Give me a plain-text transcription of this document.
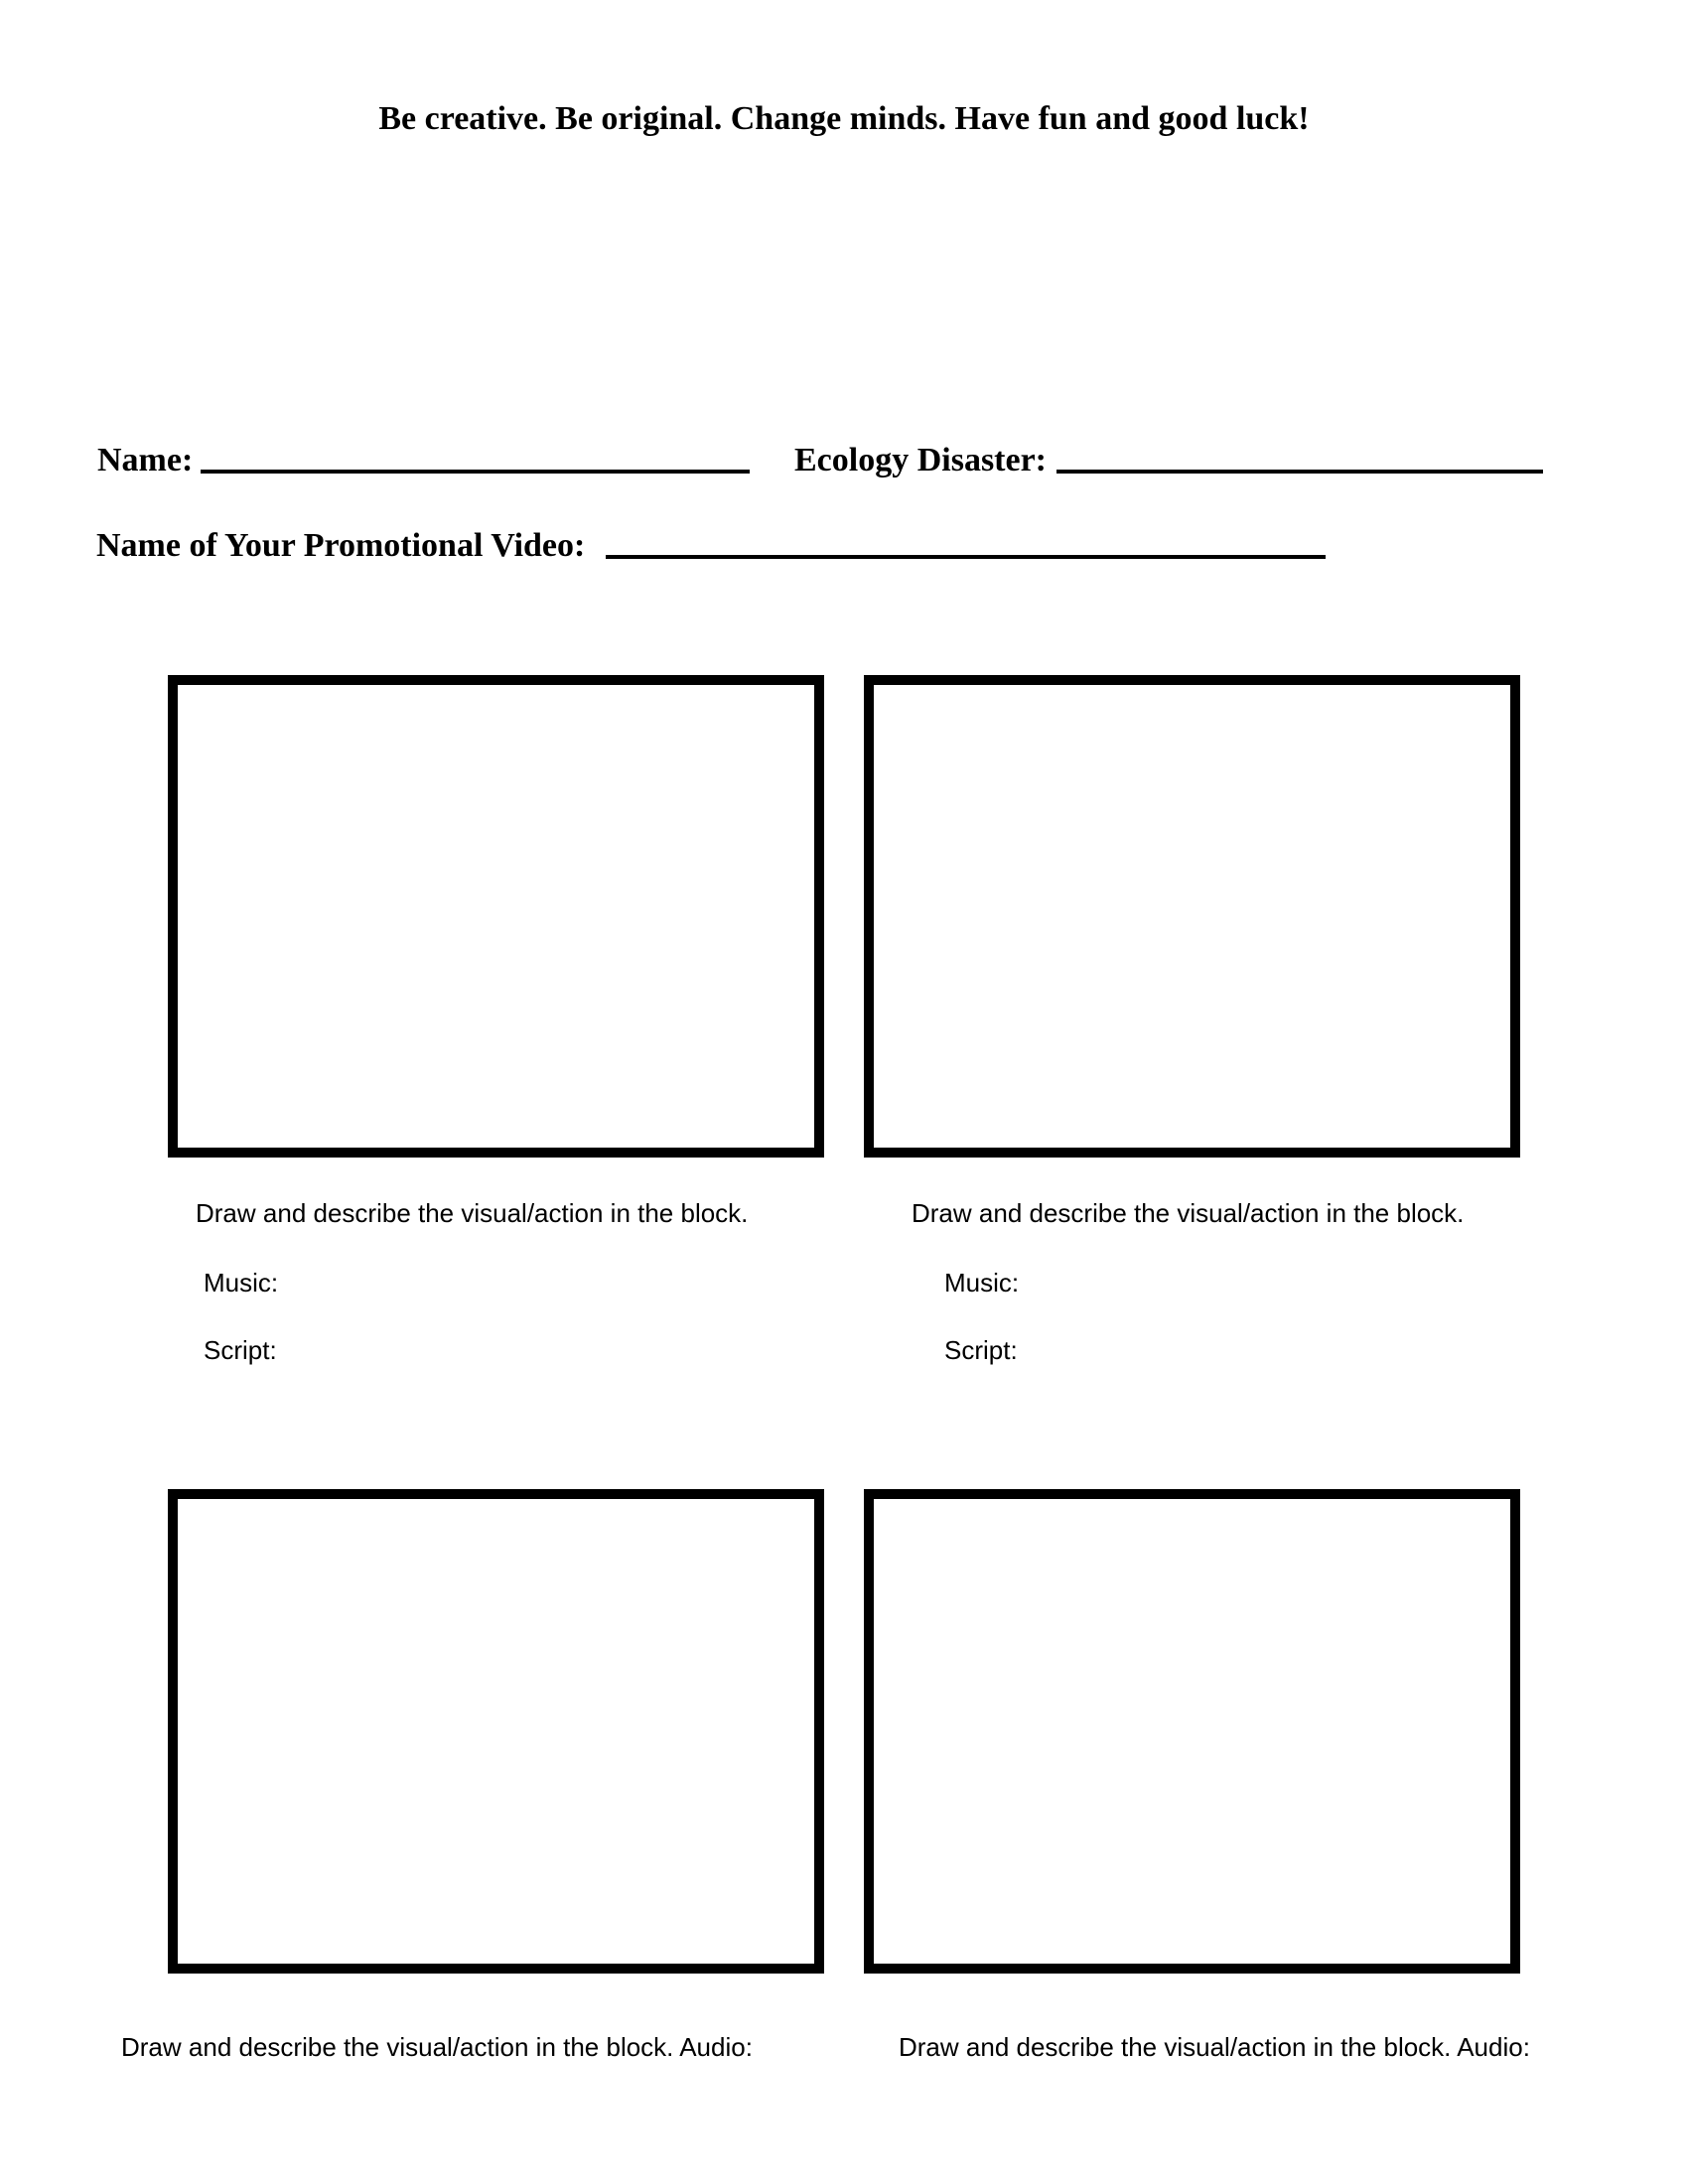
Be creative. Be original. Change minds. Have fun and good luck!
Name:	Ecology Disaster:
Name of Your Promotional Video:
Draw and describe the visual/action in the block.
Music:
Script:
Draw and describe the visual/action in the block.
Music:
Script:
Draw and describe the visual/action in the block. Audio:	Draw and describe the visual/action in the block. Audio:
